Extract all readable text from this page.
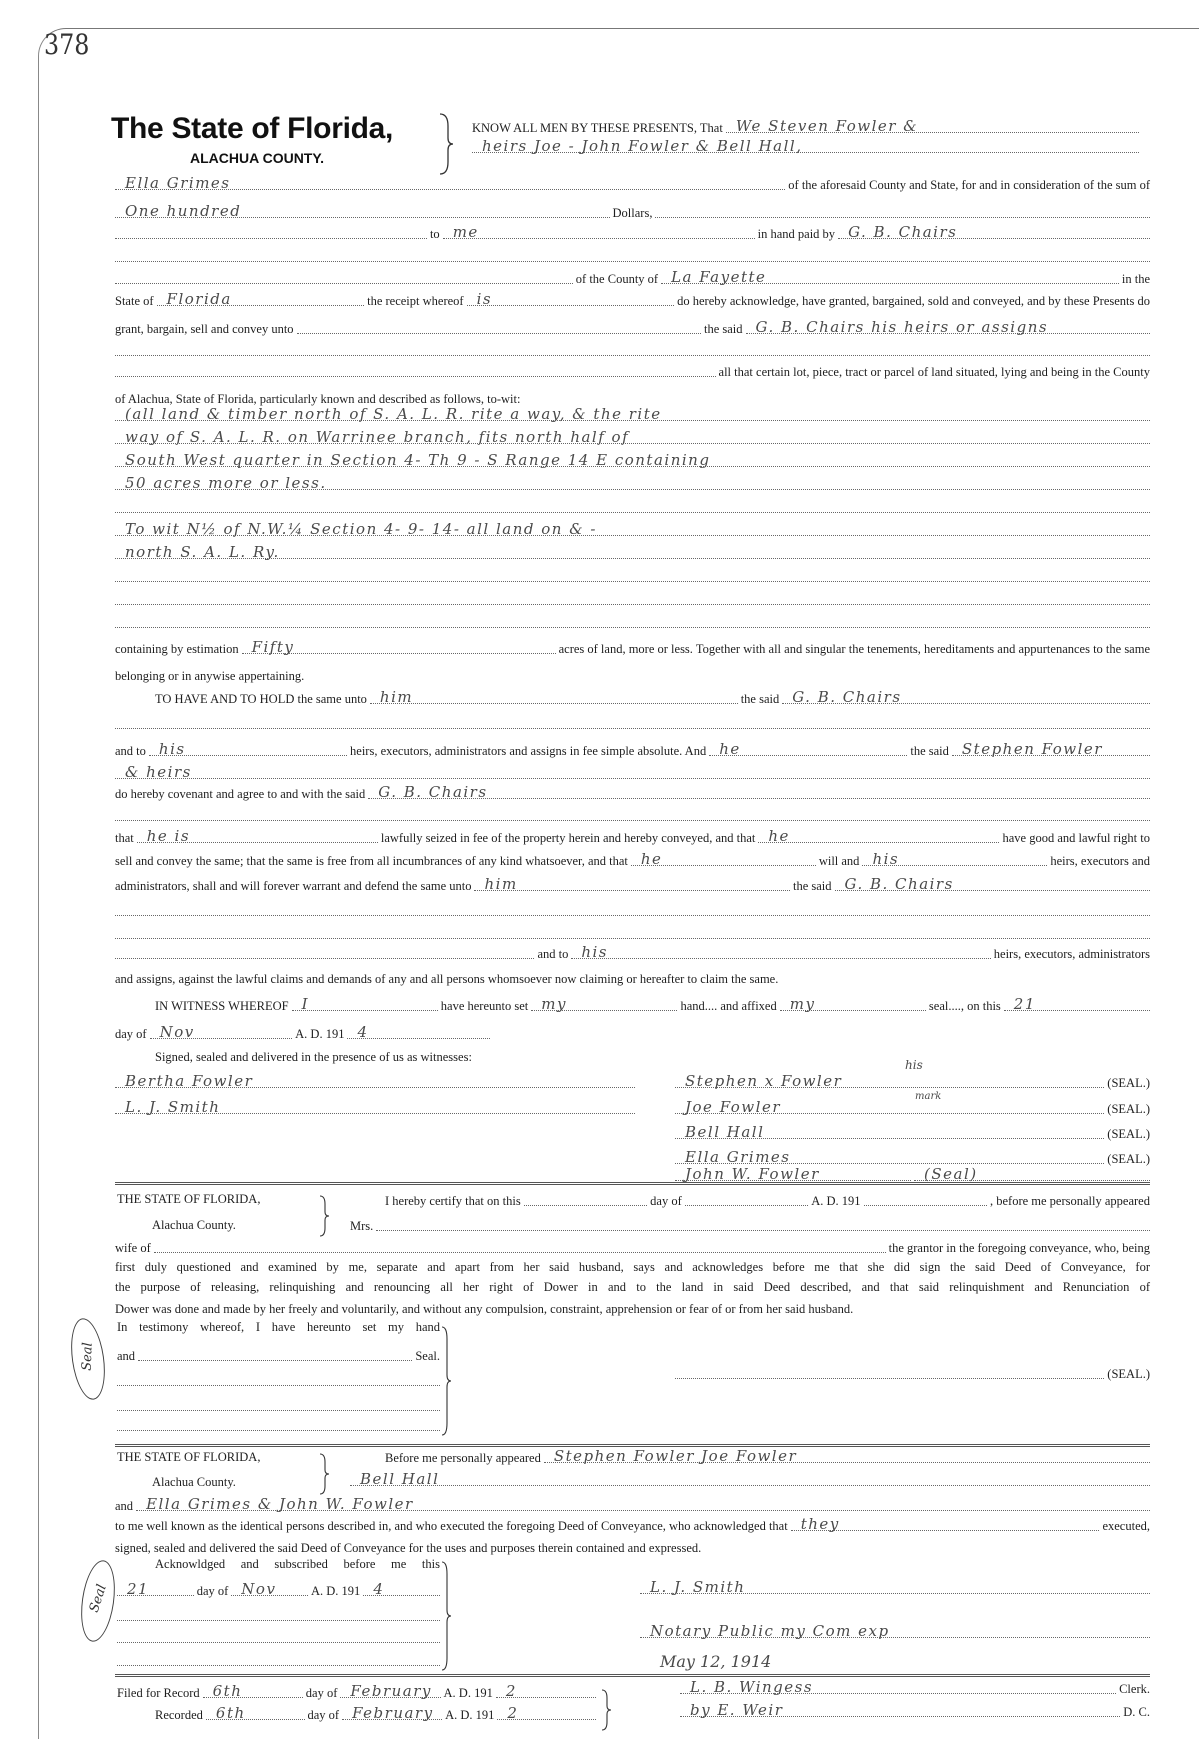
378
The State of Florida,
ALACHUA COUNTY.
KNOW ALL MEN BY THESE PRESENTS, That We Steven Fowler &
heirs Joe - John Fowler & Bell Hall,
Ella Grimes	of the aforesaid County and State, for and in consideration of the sum of
One hundred	Dollars,
to me	in hand paid by G. B. Chairs
of the County of La Fayette	in the
State of Florida	the receipt whereof is	do hereby acknowledge, have granted, bargained, sold and conveyed, and by these Presents do
grant, bargain, sell and convey unto	the said G. B. Chairs his heirs or assigns
all that certain lot, piece, tract or parcel of land situated, lying and being in the County
of Alachua, State of Florida, particularly known and described as follows, to-wit:
(all land & timber north of S. A. L. R. rite a way, & the rite
way of S. A. L. R. on Warrinee branch, fits north half of
South West quarter in Section 4- Th 9 - S Range 14 E containing
50 acres more or less.
To wit N½ of N.W.¼ Section 4- 9- 14- all land on & -
north S. A. L. Ry.
containing by estimation Fifty	acres of land, more or less. Together with all and singular the tenements, hereditaments and appurtenances to the same
belonging or in anywise appertaining.
TO HAVE AND TO HOLD the same unto him	the said G. B. Chairs
and to his	heirs, executors, administrators and assigns in fee simple absolute. And he	the said Stephen Fowler
& heirs
do hereby covenant and agree to and with the said G. B. Chairs
that he is	lawfully seized in fee of the property herein and hereby conveyed, and that he	have good and lawful right to
sell and convey the same; that the same is free from all incumbrances of any kind whatsoever, and that he	will and his	heirs, executors and
administrators, shall and will forever warrant and defend the same unto him	the said G. B. Chairs
and to his	heirs, executors, administrators
and assigns, against the lawful claims and demands of any and all persons whomsoever now claiming or hereafter to claim the same.
IN WITNESS WHEREOF I	have hereunto set my	hand.... and affixed my	seal...., on this 21
day of Nov	A. D. 191 4
Bertha Fowler
L. J. Smith
Stephen x Fowler	(SEAL.)
Joe Fowler	(SEAL.)
Bell Hall	(SEAL.)
Ella Grimes	(SEAL.)
John W. Fowler	(Seal)
I hereby certify that on this	day of	A. D. 191	, before me personally appeared
Mrs.
wife of	the grantor in the foregoing conveyance, who, being
In testimony whereof, I have hereunto set my hand
and	Seal.
(SEAL.)
Before me personally appeared Stephen Fowler Joe Fowler
Bell Hall
and Ella Grimes & John W. Fowler
to me well known as the identical persons described in, and who executed the foregoing Deed of Conveyance, who acknowledged that they	executed,
signed, sealed and delivered the said Deed of Conveyance for the uses and purposes therein contained and expressed.
Acknowldged and subscribed before me this
21	day of Nov	A. D. 191 4	L. J. Smith
Notary Public my Com exp
Filed for Record 6th	day of February A. D. 191 2
Recorded 6th	day of February A. D. 191 2
L. B. Wingess	Clerk.
by E. Weir	D. C.
first duly questioned and examined by me, separate and apart from her said husband, says and acknowledges before me that she did sign the said Deed of Conveyance, for
the purpose of releasing, relinquishing and renouncing all her right of Dower in and to the land in said Deed described, and that said relinquishment and Renunciation of
Dower was done and made by her freely and voluntarily, and without any compulsion, constraint, apprehension or fear of or from her said husband.
Signed, sealed and delivered in the presence of us as witnesses:
his
mark
THE STATE OF FLORIDA,
Alachua County.
Seal
THE STATE OF FLORIDA,
Alachua County.
Seal
May 12, 1914
